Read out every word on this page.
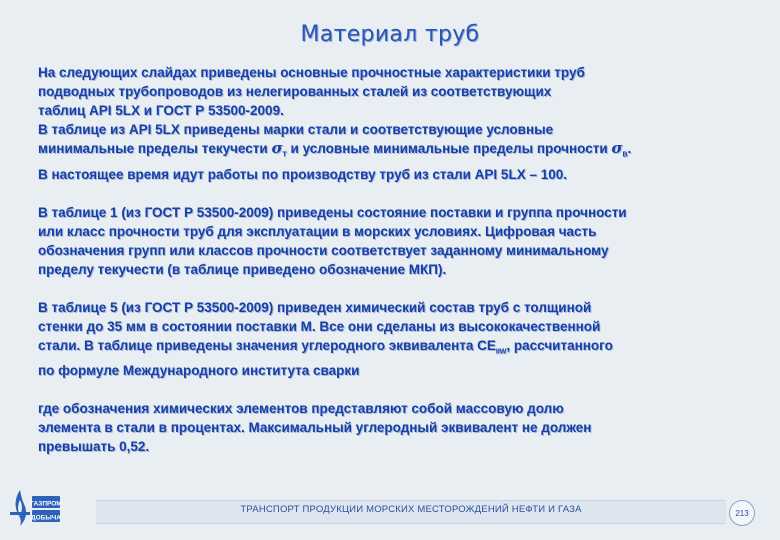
Материал труб

На следующих слайдах приведены основные прочностные характеристики труб
подводных трубопроводов из нелегированных сталей из соответствующих
таблиц API 5LX и ГОСТ Р 53500-2009.
В таблице из API 5LX приведены марки стали и соответствующие условные
минимальные пределы текучести $\sigma_Т$ и условные минимальные пределы прочности $\sigma_В$.
В настоящее время идут работы по производству труб из стали API 5LX – 100.

В таблице 1 (из ГОСТ Р 53500-2009) приведены состояние поставки и группа прочности
или класс прочности труб для эксплуатации в морских условиях. Цифровая часть
обозначения групп или классов прочности соответствует заданному минимальному
пределу текучести (в таблице приведено обозначение МКП).

В таблице 5 (из ГОСТ Р 53500-2009) приведен химический состав труб с толщиной
стенки до 35 мм в состоянии поставки М. Все они сделаны из высококачественной
стали. В таблице приведены значения углеродного эквивалента $CE_{IIW}$, рассчитанного
по формуле Международного института сварки

где обозначения химических элементов представляют собой массовую долю
элемента в стали в процентах. Максимальный углеродный эквивалент не должен
превышать 0,52.

ГАЗПРОМ
ДОБЫЧА
ТРАНСПОРТ ПРОДУКЦИИ МОРСКИХ МЕСТОРОЖДЕНИЙ НЕФТИ И ГАЗА	213
